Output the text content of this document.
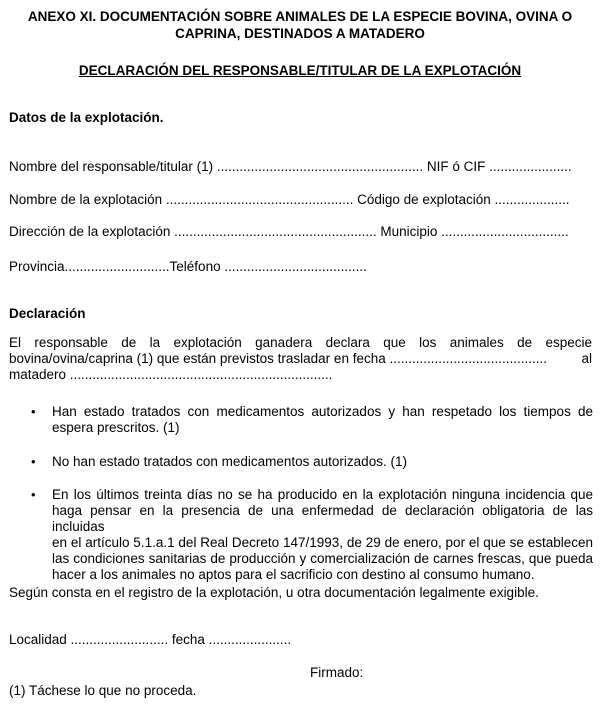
ANEXO XI. DOCUMENTACIÓN SOBRE ANIMALES DE LA ESPECIE BOVINA, OVINA O
CAPRINA, DESTINADOS A MATADERO
DECLARACIÓN DEL RESPONSABLE/TITULAR DE LA EXPLOTACIÓN
Datos de la explotación.
Nombre del responsable/titular (1) ....................................................... NIF ó CIF ......................
Nombre de la explotación .................................................. Código de explotación ....................
Dirección de la explotación ...................................................... Municipio ..................................
Provincia............................Teléfono ......................................
Declaración
El responsable de la explotación ganadera declara que los animales de especie
bovina/ovina/caprina (1) que están previstos trasladar en fecha ..........................................	al
matadero ......................................................................
• Han estado tratados con medicamentos autorizados y han respetado los tiempos de
espera prescritos. (1)
• No han estado tratados con medicamentos autorizados. (1)
• En los últimos treinta días no se ha producido en la explotación ninguna incidencia que
haga pensar en la presencia de una enfermedad de declaración obligatoria de las incluidas
en el artículo 5.1.a.1 del Real Decreto 147/1993, de 29 de enero, por el que se establecen
las condiciones sanitarias de producción y comercialización de carnes frescas, que pueda
hacer a los animales no aptos para el sacrificio con destino al consumo humano.
Según consta en el registro de la explotación, u otra documentación legalmente exigible.
Localidad .......................... fecha ......................
Firmado:
(1) Táchese lo que no proceda.
